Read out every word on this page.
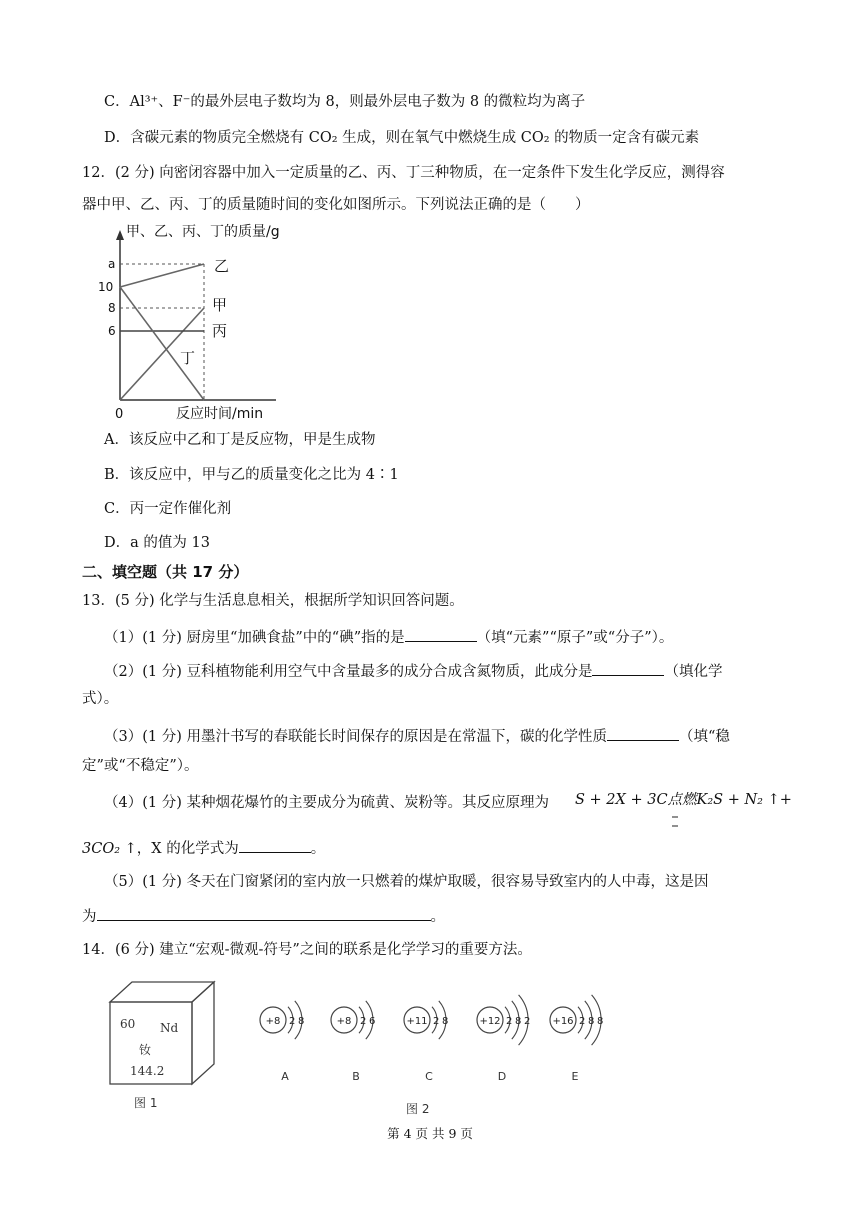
C．Al³⁺、F⁻的最外层电子数均为 8，则最外层电子数为 8 的微粒均为离子
D．含碳元素的物质完全燃烧有 CO₂ 生成，则在氧气中燃烧生成 CO₂ 的物质一定含有碳元素
12．(2 分) 向密闭容器中加入一定质量的乙、丙、丁三种物质，在一定条件下发生化学反应，测得容
器中甲、乙、丙、丁的质量随时间的变化如图所示。下列说法正确的是（　　）
甲、乙、丙、丁的质量/g
a
10
8
6
0
乙
甲
丙
丁
反应时间/min
A．该反应中乙和丁是反应物，甲是生成物
B．该反应中，甲与乙的质量变化之比为 4∶1
C．丙一定作催化剂
D．a 的值为 13
二、填空题（共 17 分）
13．(5 分) 化学与生活息息相关，根据所学知识回答问题。
（1）(1 分) 厨房里“加碘食盐”中的“碘”指的是	（填“元素”“原子”或“分子”）。
（2）(1 分) 豆科植物能利用空气中含量最多的成分合成含氮物质，此成分是	（填化学
式）。
（3）(1 分) 用墨汁书写的春联能长时间保存的原因是在常温下，碳的化学性质	（填“稳
定”或“不稳定”）。
（4）(1 分) 某种烟花爆竹的主要成分为硫黄、炭粉等。其反应原理为 S + 2X + 3C点燃K₂S + N₂ ↑+
3CO₂ ↑，X 的化学式为	。
（5）(1 分) 冬天在门窗紧闭的室内放一只燃着的煤炉取暖，很容易导致室内的人中毒，这是因
为	。
14．(6 分) 建立“宏观-微观-符号”之间的联系是化学学习的重要方法。
60 Nd
钕
144.2
图 1
+8 2 8
A
+8 2 6
B
+11 2 8
C
+12 2 8 2
D
+16 2 8 8
E
图 2
第 4 页 共 9 页
